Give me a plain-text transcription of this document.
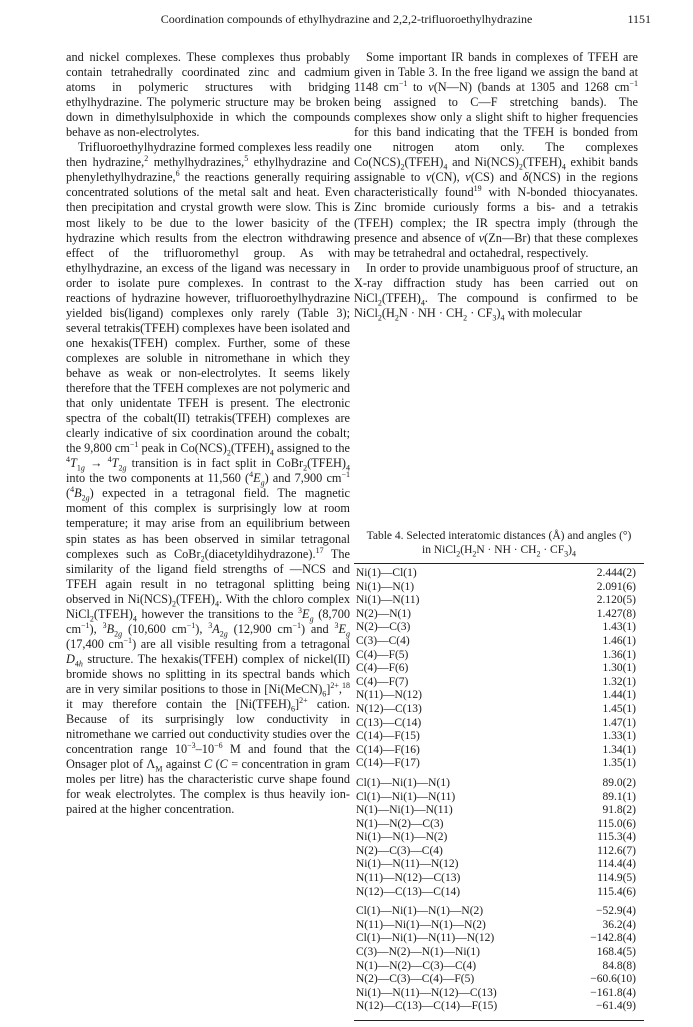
Coordination compounds of ethylhydrazine and 2,2,2-trifluoroethylhydrazine	1151

and nickel complexes. These complexes thus probably contain tetrahedrally coordinated zinc and cadmium atoms in polymeric structures with bridging ethylhydrazine. The polymeric structure may be broken down in dimethylsulphoxide in which the compounds behave as non-electrolytes.

Trifluoroethylhydrazine formed complexes less readily then hydrazine,$^2$ methylhydrazines,$^5$ ethylhydrazine and phenylethylhydrazine,$^6$ the reactions generally requiring concentrated solutions of the metal salt and heat. Even then precipitation and crystal growth were slow. This is most likely to be due to the lower basicity of the hydrazine which results from the electron withdrawing effect of the trifluoromethyl group. As with ethylhydrazine, an excess of the ligand was necessary in order to isolate pure complexes. In contrast to the reactions of hydrazine however, trifluoroethylhydrazine yielded bis(ligand) complexes only rarely (Table 3); several tetrakis(TFEH) complexes have been isolated and one hexakis(TFEH) complex. Further, some of these complexes are soluble in nitromethane in which they behave as weak or non-electrolytes. It seems likely therefore that the TFEH complexes are not polymeric and that only unidentate TFEH is present. The electronic spectra of the cobalt(II) tetrakis(TFEH) complexes are clearly indicative of six coordination around the cobalt; the 9,800 $cm^{-1}$ peak in $Co(NCS)_2(TFEH)_4$ assigned to the $^4T_{1g} \to ^4T_{2g}$ transition is in fact split in $CoBr_2(TFEH)_4$ into the two components at 11,560 $(^4E_g)$ and 7,900 $cm^{-1}$ $(^4B_{2g})$ expected in a tetragonal field. The magnetic moment of this complex is surprisingly low at room temperature; it may arise from an equilibrium between spin states as has been observed in similar tetragonal complexes such as CoBr$_2$(diacetyldihydrazone).$^{17}$ The similarity of the ligand field strengths of —NCS and TFEH again result in no tetragonal splitting being observed in $Ni(NCS)_2(TFEH)_4$. With the chloro complex $NiCl_2(TFEH)_4$ however the transitions to the $^3E_g$ (8,700 $cm^{-1}$), $^3B_{2g}$ (10,600 $cm^{-1}$), $^3A_{2g}$ (12,900 $cm^{-1}$) and $^3E_g$ (17,400 $cm^{-1}$) are all visible resulting from a tetragonal $D_{4h}$ structure. The hexakis(TFEH) complex of nickel(II) bromide shows no splitting in its spectral bands which are in very similar positions to those in $[Ni(MeCN)_6]^{2+},^{18}$ it may therefore contain the $[Ni(TFEH)_6]^{2+}$ cation. Because of its surprisingly low conductivity in nitromethane we carried out conductivity studies over the concentration range $10^{-3}-10^{-6}$ M and found that the Onsager plot of $\Lambda_M$ against C (C = concentration in gram moles per litre) has the characteristic curve shape found for weak electrolytes. The complex is thus heavily ion-paired at the higher concentration.

Some important IR bands in complexes of TFEH are given in Table 3. In the free ligand we assign the band at 1148 $cm^{-1}$ to ν(N—N) (bands at 1305 and 1268 $cm^{-1}$ being assigned to C—F stretching bands). The complexes show only a slight shift to higher frequencies for this band indicating that the TFEH is bonded from one nitrogen atom only. The complexes $Co(NCS)_2(TFEH)_4$ and $Ni(NCS)_2(TFEH)_4$ exhibit bands assignable to ν(CN), ν(CS) and δ(NCS) in the regions characteristically found$^{19}$ with N-bonded thiocyanates. Zinc bromide curiously forms a bis- and a tetrakis (TFEH) complex; the IR spectra imply (through the presence and absence of ν(Zn—Br) that these complexes may be tetrahedral and octahedral, respectively.

In order to provide unambiguous proof of structure, an X-ray diffraction study has been carried out on $NiCl_2(TFEH)_4$. The compound is confirmed to be $NiCl_2(H_2N$ · NH · $CH_2 \cdot CF_3)_4$ with molecular

Table 4. Selected interatomic distances (Å) and angles (°)
in $NiCl_2(H_2N$ · NH · $CH_2 \cdot CF_3)_4$
Ni(1)—Cl(1)	2.444(2)
Ni(1)—N(1)	2.091(6)
Ni(1)—N(11)	2.120(5)
N(2)—N(1)	1.427(8)
N(2)—C(3)	1.43(1)
C(3)—C(4)	1.46(1)
C(4)—F(5)	1.36(1)
C(4)—F(6)	1.30(1)
C(4)—F(7)	1.32(1)
N(11)—N(12)	1.44(1)
N(12)—C(13)	1.45(1)
C(13)—C(14)	1.47(1)
C(14)—F(15)	1.33(1)
C(14)—F(16)	1.34(1)
C(14)—F(17)	1.35(1)
Cl(1)—Ni(1)—N(1)	89.0(2)
Cl(1)—Ni(1)—N(11)	89.1(1)
N(1)—Ni(1)—N(11)	91.8(2)
N(1)—N(2)—C(3)	115.0(6)
Ni(1)—N(1)—N(2)	115.3(4)
N(2)—C(3)—C(4)	112.6(7)
Ni(1)—N(11)—N(12)	114.4(4)
N(11)—N(12)—C(13)	114.9(5)
N(12)—C(13)—C(14)	115.4(6)
Cl(1)—Ni(1)—N(1)—N(2)	−52.9(4)
N(11)—Ni(1)—N(1)—N(2)	36.2(4)
Cl(1)—Ni(1)—N(11)—N(12)	−142.8(4)
C(3)—N(2)—N(1)—Ni(1)	168.4(5)
N(1)—N(2)—C(3)—C(4)	84.8(8)
N(2)—C(3)—C(4)—F(5)	−60.6(10)
Ni(1)—N(11)—N(12)—C(13)	−161.8(4)
N(12)—C(13)—C(14)—F(15)	−61.4(9)
